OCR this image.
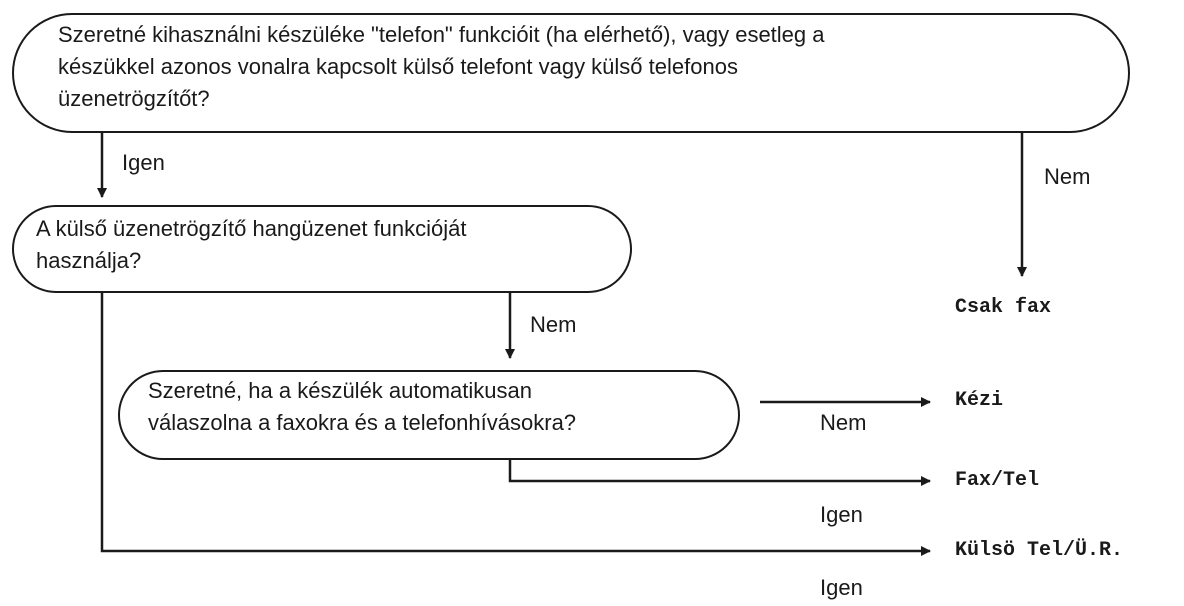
Szeretné kihasználni készüléke "telefon" funkcióit (ha elérhető), vagy esetleg a
készükkel azonos vonalra kapcsolt külső telefont vagy külső telefonos
üzenetrögzítőt?
A külső üzenetrögzítő hangüzenet funkcióját
használja?
Szeretné, ha a készülék automatikusan
válaszolna a faxokra és a telefonhívásokra?
Igen
Nem
Nem
Nem
Igen
Igen
Csak fax
Kézi
Fax/Tel
Külsö Tel/Ü.R.
